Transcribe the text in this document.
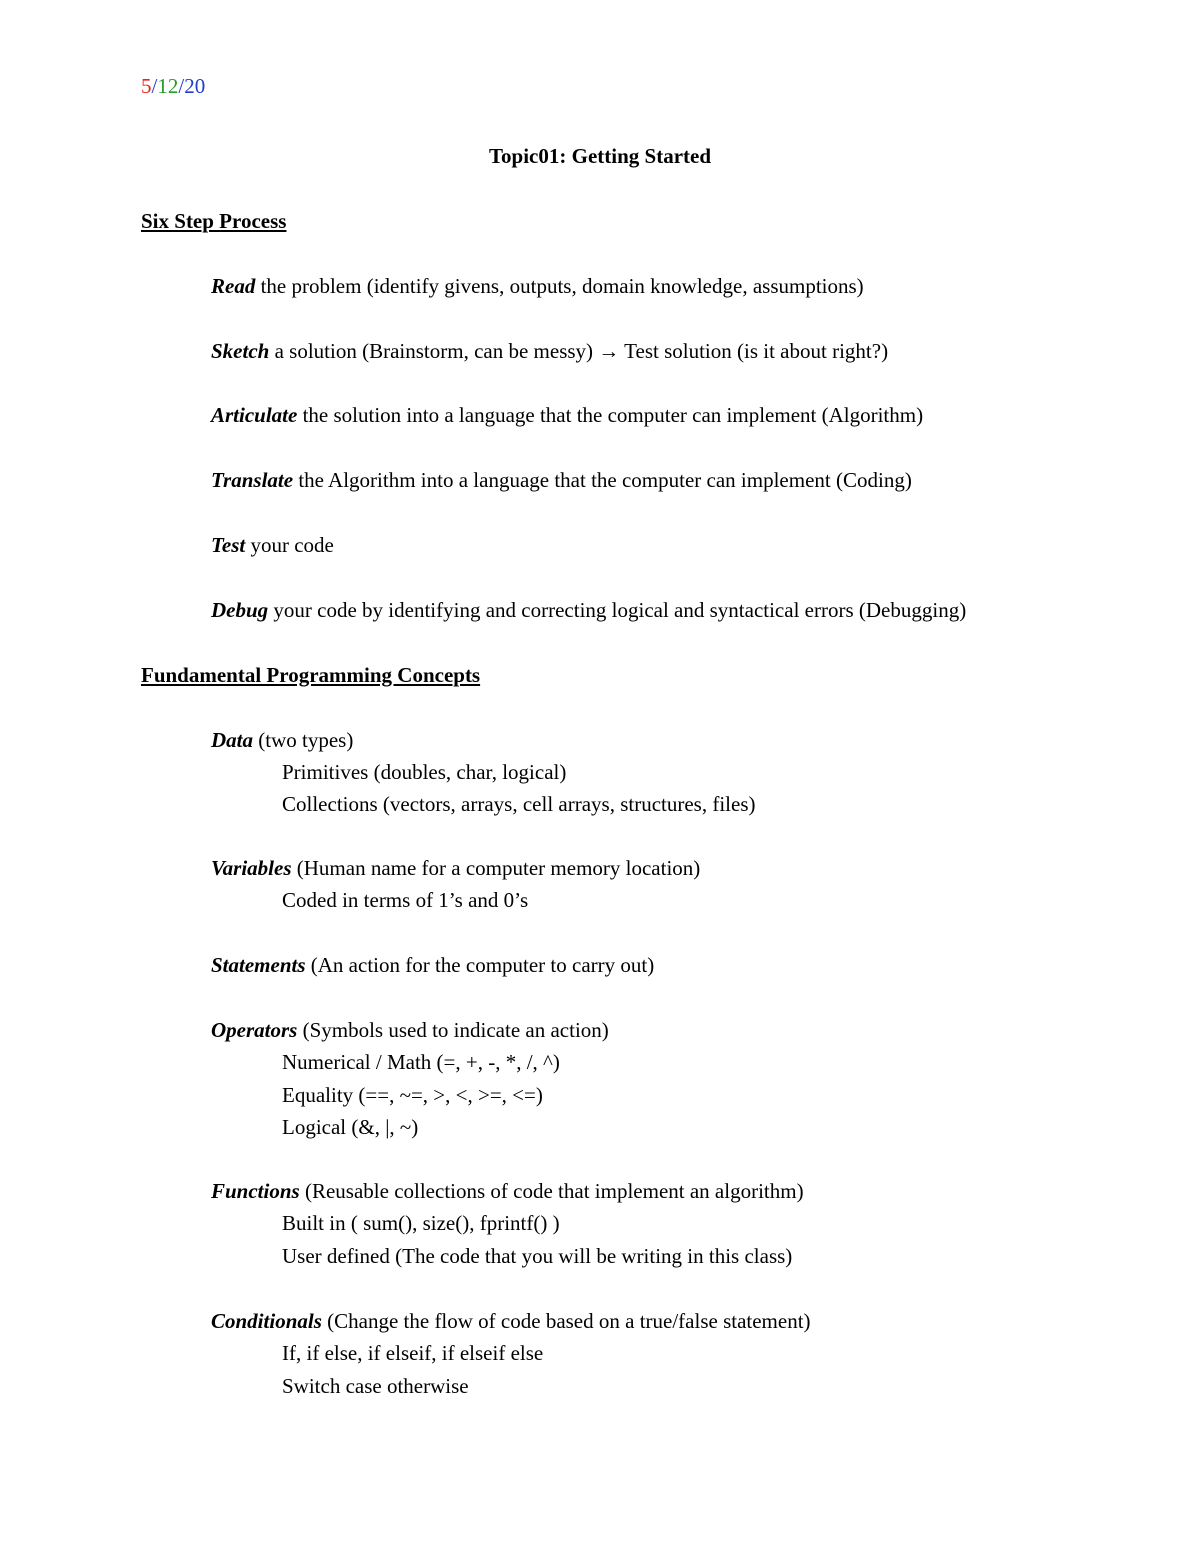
5/12/20
Topic01: Getting Started
Six Step Process
Read the problem (identify givens, outputs, domain knowledge, assumptions)
Sketch a solution (Brainstorm, can be messy) → Test solution (is it about right?)
Articulate the solution into a language that the computer can implement (Algorithm)
Translate the Algorithm into a language that the computer can implement (Coding)
Test your code
Debug your code by identifying and correcting logical and syntactical errors (Debugging)
Fundamental Programming Concepts
Data (two types)
Primitives (doubles, char, logical)
Collections (vectors, arrays, cell arrays, structures, files)
Variables (Human name for a computer memory location)
Coded in terms of 1’s and 0’s
Statements (An action for the computer to carry out)
Operators (Symbols used to indicate an action)
Numerical / Math (=, +, -, *, /, ^)
Equality (==, ~=, >, <, >=, <=)
Logical (&, |, ~)
Functions (Reusable collections of code that implement an algorithm)
Built in ( sum(), size(), fprintf() )
User defined (The code that you will be writing in this class)
Conditionals (Change the flow of code based on a true/false statement)
If, if else, if elseif, if elseif else
Switch case otherwise
